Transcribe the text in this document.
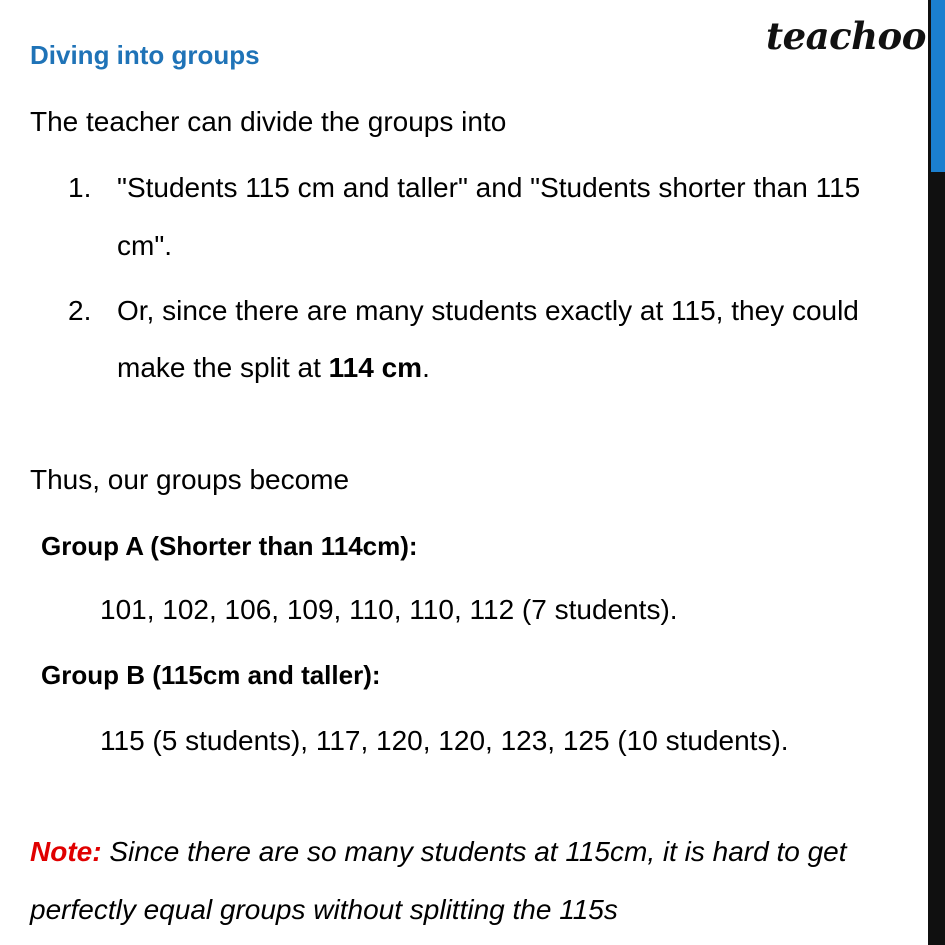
teachoo
Diving into groups
The teacher can divide the groups into
1. "Students 115 cm and taller" and "Students shorter than 115
cm".
2. Or, since there are many students exactly at 115, they could
make the split at 114 cm.
Thus, our groups become
Group A (Shorter than 114cm):
101, 102, 106, 109, 110, 110, 112 (7 students).
Group B (115cm and taller):
115 (5 students), 117, 120, 120, 123, 125 (10 students).
Note: Since there are so many students at 115cm, it is hard to get
perfectly equal groups without splitting the 115s
